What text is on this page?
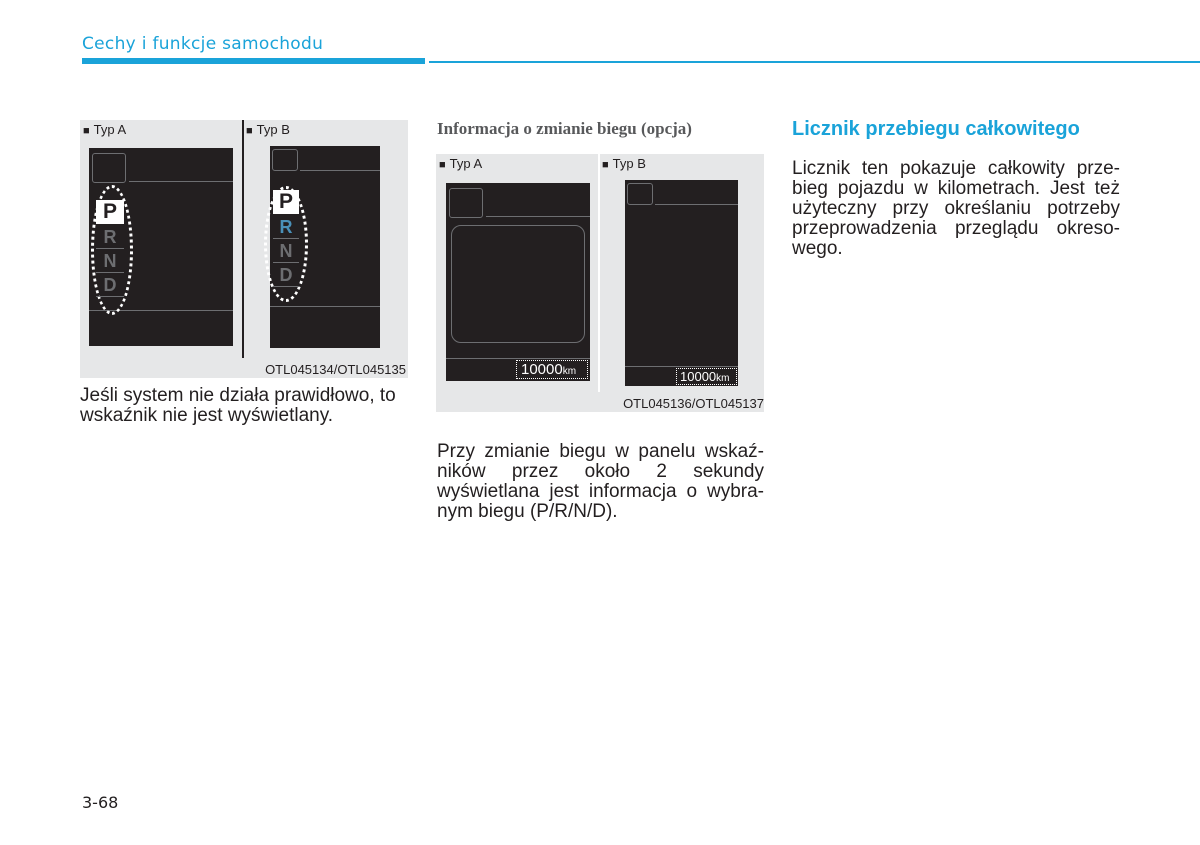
Cechy i funkcje samochodu
■ Typ A	■ Typ B
P
R
N
D
P
R
N
D
OTL045134/OTL045135
Jeśli system nie działa prawidłowo, to wskaźnik nie jest wyświetlany.
Informacja o zmianie biegu (opcja)
■ Typ A	■ Typ B
10000km	10000km
OTL045136/OTL045137
Przy zmianie biegu w panelu wskaź-
ników przez około 2 sekundy
wyświetlana jest informacja o wybra-
nym biegu (P/R/N/D).
Licznik przebiegu całkowitego
Licznik ten pokazuje całkowity prze-
bieg pojazdu w kilometrach. Jest też
użyteczny przy określaniu potrzeby
przeprowadzenia przeglądu okreso-
wego.
3-68
